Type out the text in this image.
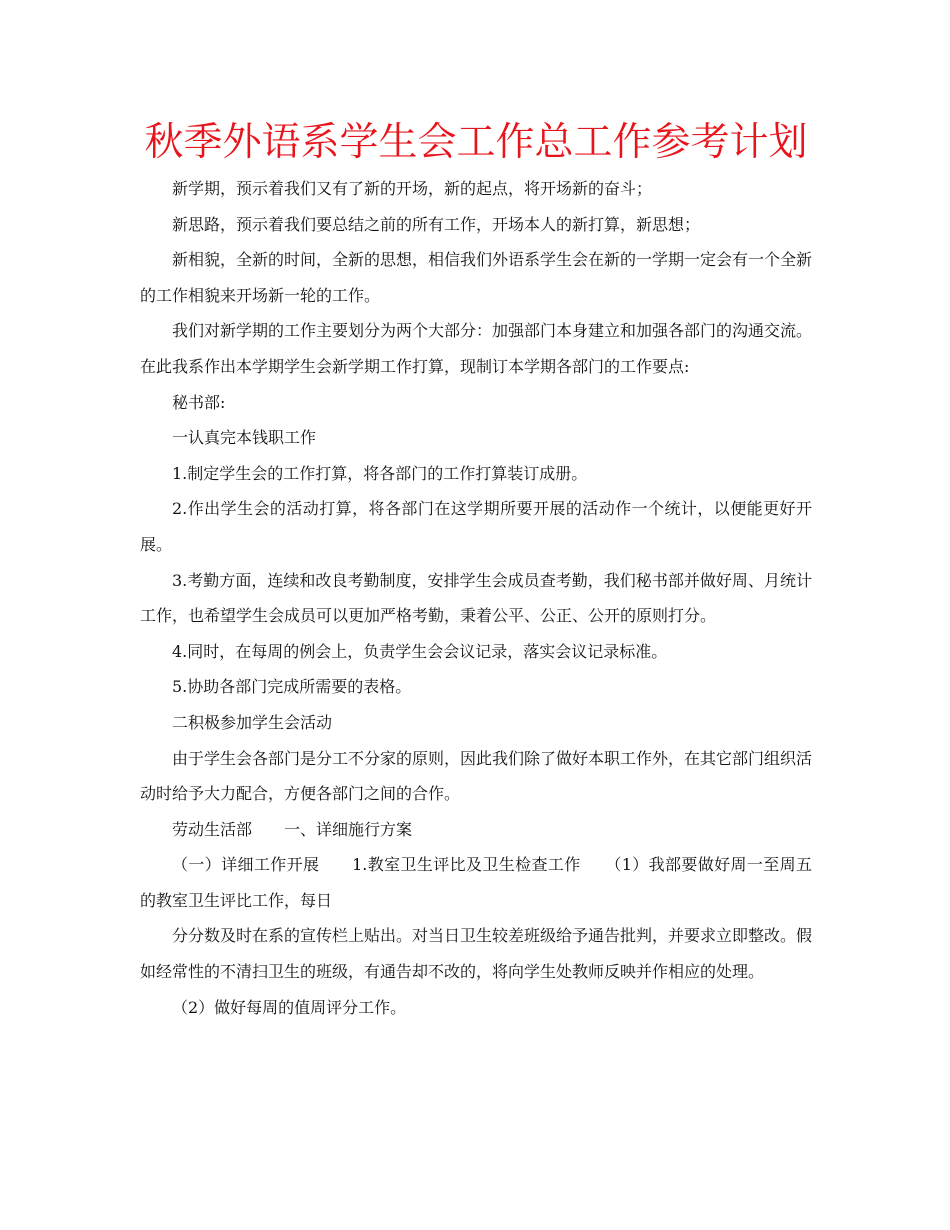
秋季外语系学生会工作总工作参考计划

新学期，预示着我们又有了新的开场，新的起点，将开场新的奋斗；

新思路，预示着我们要总结之前的所有工作，开场本人的新打算，新思想；

新相貌，全新的时间，全新的思想，相信我们外语系学生会在新的一学期一定会有一个全新的工作相貌来开场新一轮的工作。

我们对新学期的工作主要划分为两个大部分：加强部门本身建立和加强各部门的沟通交流。在此我系作出本学期学生会新学期工作打算，现制订本学期各部门的工作要点:

秘书部:

一认真完本钱职工作

1.制定学生会的工作打算，将各部门的工作打算装订成册。

2.作出学生会的活动打算，将各部门在这学期所要开展的活动作一个统计，以便能更好开展。

3.考勤方面，连续和改良考勤制度，安排学生会成员查考勤，我们秘书部并做好周、月统计工作，也希望学生会成员可以更加严格考勤，秉着公平、公正、公开的原则打分。

4.同时，在每周的例会上，负责学生会会议记录，落实会议记录标准。

5.协助各部门完成所需要的表格。

二积极参加学生会活动

由于学生会各部门是分工不分家的原则，因此我们除了做好本职工作外，在其它部门组织活动时给予大力配合，方便各部门之间的合作。

劳动生活部　　一、详细施行方案

（一）详细工作开展　　1.教室卫生评比及卫生检查工作　　（1）我部要做好周一至周五的教室卫生评比工作，每日

分分数及时在系的宣传栏上贴出。对当日卫生较差班级给予通告批判，并要求立即整改。假如经常性的不清扫卫生的班级，有通告却不改的，将向学生处教师反映并作相应的处理。

（2）做好每周的值周评分工作。
